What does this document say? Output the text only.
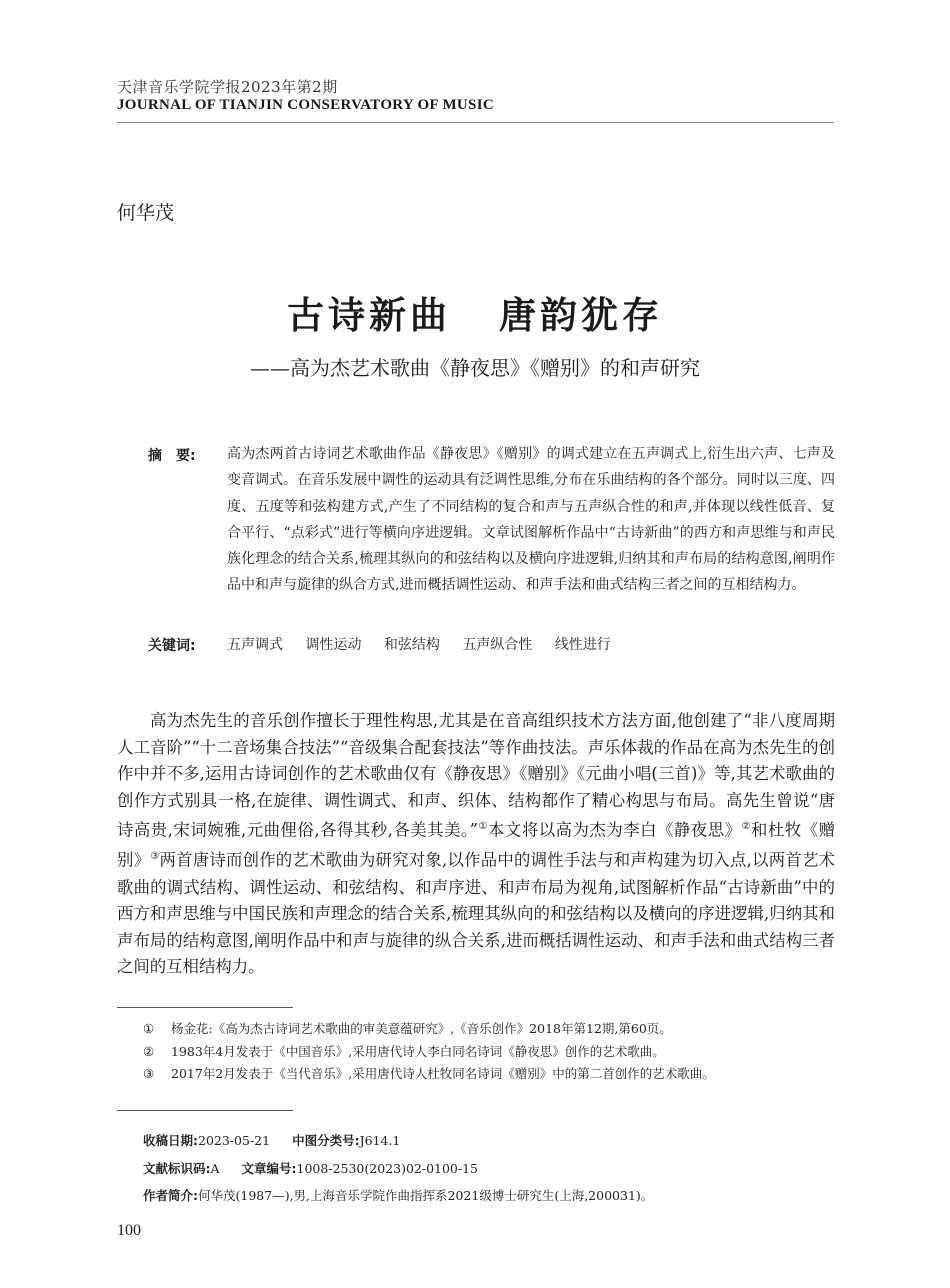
天津音乐学院学报2023年第2期
JOURNAL OF TIANJIN CONSERVATORY OF MUSIC
何华茂
古诗新曲 唐韵犹存
——高为杰艺术歌曲《静夜思》《赠别》的和声研究
摘　要: 高为杰两首古诗词艺术歌曲作品《静夜思》《赠别》的调式建立在五声调式上,衍生出六声、七声及变音调式。在音乐发展中调性的运动具有泛调性思维,分布在乐曲结构的各个部分。同时以三度、四度、五度等和弦构建方式,产生了不同结构的复合和声与五声纵合性的和声,并体现以线性低音、复合平行、“点彩式”进行等横向序进逻辑。文章试图解析作品中“古诗新曲”的西方和声思维与和声民族化理念的结合关系,梳理其纵向的和弦结构以及横向序进逻辑,归纳其和声布局的结构意图,阐明作品中和声与旋律的纵合方式,进而概括调性运动、和声手法和曲式结构三者之间的互相结构力。
关键词: 五声调式 调性运动 和弦结构 五声纵合性 线性进行
高为杰先生的音乐创作擅长于理性构思,尤其是在音高组织技术方法方面,他创建了“非八度周期人工音阶”“十二音场集合技法”“音级集合配套技法”等作曲技法。声乐体裁的作品在高为杰先生的创作中并不多,运用古诗词创作的艺术歌曲仅有《静夜思》《赠别》《元曲小唱(三首)》等,其艺术歌曲的创作方式别具一格,在旋律、调性调式、和声、织体、结构都作了精心构思与布局。高先生曾说“唐诗高贵,宋词婉雅,元曲俚俗,各得其秒,各美其美。”①本文将以高为杰为李白《静夜思》②和杜牧《赠别》③两首唐诗而创作的艺术歌曲为研究对象,以作品中的调性手法与和声构建为切入点,以两首艺术歌曲的调式结构、调性运动、和弦结构、和声序进、和声布局为视角,试图解析作品“古诗新曲”中的西方和声思维与中国民族和声理念的结合关系,梳理其纵向的和弦结构以及横向的序进逻辑,归纳其和声布局的结构意图,阐明作品中和声与旋律的纵合关系,进而概括调性运动、和声手法和曲式结构三者之间的互相结构力。
① 杨金花:《高为杰古诗词艺术歌曲的审美意蕴研究》,《音乐创作》2018年第12期,第60页。
② 1983年4月发表于《中国音乐》,采用唐代诗人李白同名诗词《静夜思》创作的艺术歌曲。
③ 2017年2月发表于《当代音乐》,采用唐代诗人杜牧同名诗词《赠别》中的第二首创作的艺术歌曲。
收稿日期:2023-05-21 中图分类号:J614.1
文献标识码:A 文章编号:1008-2530(2023)02-0100-15
作者简介:何华茂(1987—),男,上海音乐学院作曲指挥系2021级博士研究生(上海,200031)。
100
